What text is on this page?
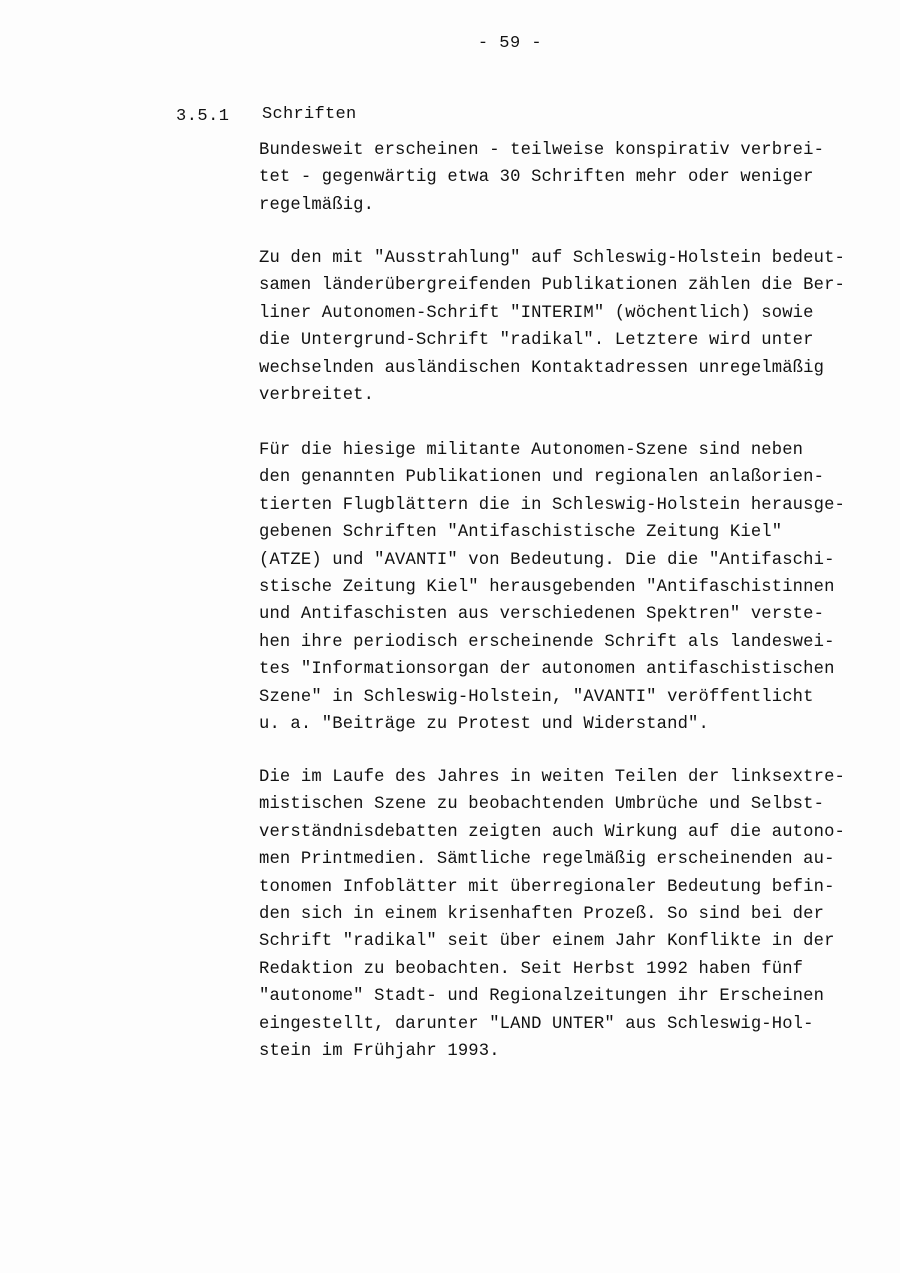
- 59 -
3.5.1 Schriften
Bundesweit erscheinen - teilweise konspirativ verbrei-
tet - gegenwärtig etwa 30 Schriften mehr oder weniger
regelmäßig.
Zu den mit "Ausstrahlung" auf Schleswig-Holstein bedeut-
samen länderübergreifenden Publikationen zählen die Ber-
liner Autonomen-Schrift "INTERIM" (wöchentlich) sowie
die Untergrund-Schrift "radikal". Letztere wird unter
wechselnden ausländischen Kontaktadressen unregelmäßig
verbreitet.
Für die hiesige militante Autonomen-Szene sind neben
den genannten Publikationen und regionalen anlaßorien-
tierten Flugblättern die in Schleswig-Holstein herausge-
gebenen Schriften "Antifaschistische Zeitung Kiel"
(ATZE) und "AVANTI" von Bedeutung. Die die "Antifaschi-
stische Zeitung Kiel" herausgebenden "Antifaschistinnen
und Antifaschisten aus verschiedenen Spektren" verste-
hen ihre periodisch erscheinende Schrift als landeswei-
tes "Informationsorgan der autonomen antifaschistischen
Szene" in Schleswig-Holstein, "AVANTI" veröffentlicht
u. a. "Beiträge zu Protest und Widerstand".
Die im Laufe des Jahres in weiten Teilen der linksextre-
mistischen Szene zu beobachtenden Umbrüche und Selbst-
verständnisdebatten zeigten auch Wirkung auf die autono-
men Printmedien. Sämtliche regelmäßig erscheinenden au-
tonomen Infoblätter mit überregionaler Bedeutung befin-
den sich in einem krisenhaften Prozeß. So sind bei der
Schrift "radikal" seit über einem Jahr Konflikte in der
Redaktion zu beobachten. Seit Herbst 1992 haben fünf
"autonome" Stadt- und Regionalzeitungen ihr Erscheinen
eingestellt, darunter "LAND UNTER" aus Schleswig-Hol-
stein im Frühjahr 1993.
